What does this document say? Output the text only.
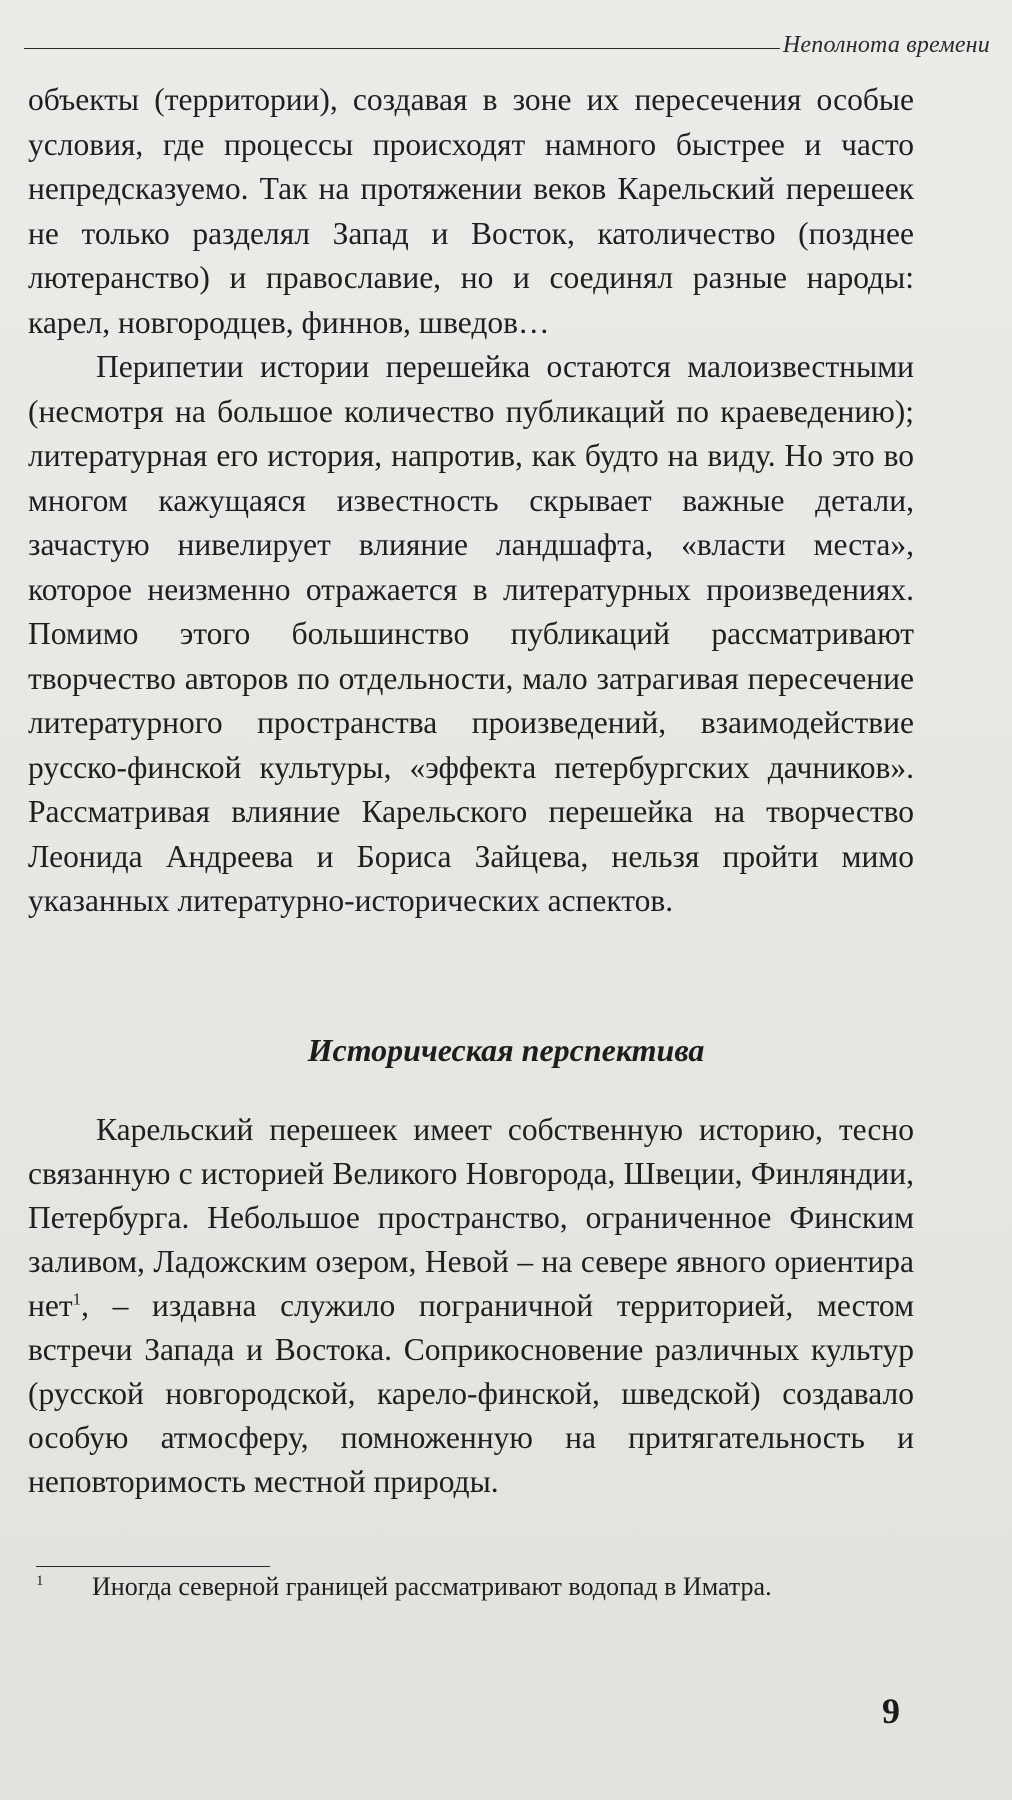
Неполнота времени

объекты (территории), создавая в зоне их пересечения особые условия, где процессы происходят намного быстрее и часто непредсказуемо. Так на протяжении веков Карельский перешеек не только разделял Запад и Восток, католичество (позднее лютеранство) и православие, но и соединял разные народы: карел, новгородцев, финнов, шведов…

Перипетии истории перешейка остаются малоизвестными (несмотря на большое количество публикаций по краеведению); литературная его история, напротив, как будто на виду. Но это во многом кажущаяся известность скрывает важные детали, зачастую нивелирует влияние ландшафта, «власти места», которое неизменно отражается в литературных произведениях. Помимо этого большинство публикаций рассматривают творчество авторов по отдельности, мало затрагивая пересечение литературного пространства произведений, взаимодействие русско-финской культуры, «эффекта петербургских дачников». Рассматривая влияние Карельского перешейка на творчество Леонида Андреева и Бориса Зайцева, нельзя пройти мимо указанных литературно-исторических аспектов.

Историческая перспектива

Карельский перешеек имеет собственную историю, тесно связанную с историей Великого Новгорода, Швеции, Финляндии, Петербурга. Небольшое пространство, ограниченное Финским заливом, Ладожским озером, Невой – на севере явного ориентира нет$^1$, – издавна служило пограничной территорией, местом встречи Запада и Востока. Соприкосновение различных культур (русской новгородской, карело-финской, шведской) создавало особую атмосферу, помноженную на притягательность и неповторимость местной природы.

1 Иногда северной границей рассматривают водопад в Иматра.
9
